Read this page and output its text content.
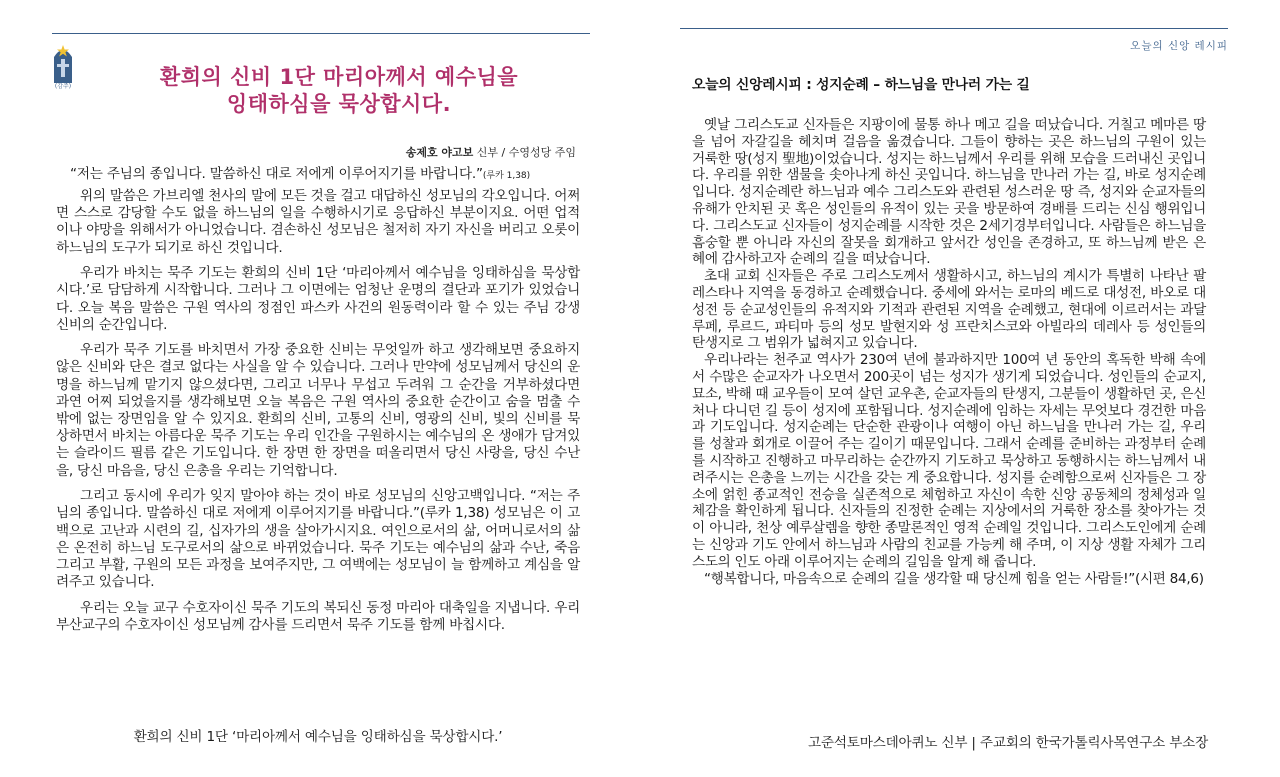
(감주)	환희의 신비 1단 마리아께서 예수님을
잉태하심을 묵상합시다.
송제호 야고보 신부 / 수영성당 주임
“저는 주님의 종입니다. 말씀하신 대로 저에게 이루어지기를 바랍니다.”(루카 1,38)

위의 말씀은 가브리엘 천사의 말에 모든 것을 걸고 대답하신 성모님의 각오입니다. 어쩌면 스스로 감당할 수도 없을 하느님의 일을 수행하시기로 응답하신 부분이지요. 어떤 업적이나 야망을 위해서가 아니었습니다. 겸손하신 성모님은 철저히 자기 자신을 버리고 오롯이 하느님의 도구가 되기로 하신 것입니다.

우리가 바치는 묵주 기도는 환희의 신비 1단 ‘마리아께서 예수님을 잉태하심을 묵상합시다.’로 담담하게 시작합니다. 그러나 그 이면에는 엄청난 운명의 결단과 포기가 있었습니다. 오늘 복음 말씀은 구원 역사의 정점인 파스카 사건의 원동력이라 할 수 있는 주님 강생 신비의 순간입니다.

우리가 묵주 기도를 바치면서 가장 중요한 신비는 무엇일까 하고 생각해보면 중요하지 않은 신비와 단은 결코 없다는 사실을 알 수 있습니다. 그러나 만약에 성모님께서 당신의 운명을 하느님께 맡기지 않으셨다면, 그리고 너무나 무섭고 두려워 그 순간을 거부하셨다면 과연 어찌 되었을지를 생각해보면 오늘 복음은 구원 역사의 중요한 순간이고 숨을 멈출 수밖에 없는 장면임을 알 수 있지요. 환희의 신비, 고통의 신비, 영광의 신비, 빛의 신비를 묵상하면서 바치는 아름다운 묵주 기도는 우리 인간을 구원하시는 예수님의 온 생애가 담겨있는 슬라이드 필름 같은 기도입니다. 한 장면 한 장면을 떠올리면서 당신 사랑을, 당신 수난을, 당신 마음을, 당신 은총을 우리는 기억합니다.

그리고 동시에 우리가 잊지 말아야 하는 것이 바로 성모님의 신앙고백입니다. “저는 주님의 종입니다. 말씀하신 대로 저에게 이루어지기를 바랍니다.”(루카 1,38) 성모님은 이 고백으로 고난과 시련의 길, 십자가의 생을 살아가시지요. 여인으로서의 삶, 어머니로서의 삶은 온전히 하느님 도구로서의 삶으로 바뀌었습니다. 묵주 기도는 예수님의 삶과 수난, 죽음 그리고 부활, 구원의 모든 과정을 보여주지만, 그 여백에는 성모님이 늘 함께하고 계심을 알려주고 있습니다.

우리는 오늘 교구 수호자이신 묵주 기도의 복되신 동정 마리아 대축일을 지냅니다. 우리 부산교구의 수호자이신 성모님께 감사를 드리면서 묵주 기도를 함께 바칩시다.

환희의 신비 1단 ‘마리아께서 예수님을 잉태하심을 묵상합시다.’
오늘의 신앙 레시피
오늘의 신앙레시피 : 성지순례 – 하느님을 만나러 가는 길

옛날 그리스도교 신자들은 지팡이에 물통 하나 메고 길을 떠났습니다. 거칠고 메마른 땅을 넘어 자갈길을 헤치며 걸음을 옮겼습니다. 그들이 향하는 곳은 하느님의 구원이 있는 거룩한 땅(성지 聖地)이었습니다. 성지는 하느님께서 우리를 위해 모습을 드러내신 곳입니다. 우리를 위한 샘물을 솟아나게 하신 곳입니다. 하느님을 만나러 가는 길, 바로 성지순례입니다. 성지순례란 하느님과 예수 그리스도와 관련된 성스러운 땅 즉, 성지와 순교자들의 유해가 안치된 곳 혹은 성인들의 유적이 있는 곳을 방문하여 경배를 드리는 신심 행위입니다. 그리스도교 신자들이 성지순례를 시작한 것은 2세기경부터입니다. 사람들은 하느님을 흠숭할 뿐 아니라 자신의 잘못을 회개하고 앞서간 성인을 존경하고, 또 하느님께 받은 은혜에 감사하고자 순례의 길을 떠났습니다.

초대 교회 신자들은 주로 그리스도께서 생활하시고, 하느님의 계시가 특별히 나타난 팔레스타나 지역을 동경하고 순례했습니다. 중세에 와서는 로마의 베드로 대성전, 바오로 대성전 등 순교성인들의 유적지와 기적과 관련된 지역을 순례했고, 현대에 이르러서는 과달루페, 루르드, 파티마 등의 성모 발현지와 성 프란치스코와 아빌라의 데레사 등 성인들의 탄생지로 그 범위가 넓혀지고 있습니다.

우리나라는 천주교 역사가 230여 년에 불과하지만 100여 년 동안의 혹독한 박해 속에서 수많은 순교자가 나오면서 200곳이 넘는 성지가 생기게 되었습니다. 성인들의 순교지, 묘소, 박해 때 교우들이 모여 살던 교우촌, 순교자들의 탄생지, 그분들이 생활하던 곳, 은신처나 다니던 길 등이 성지에 포함됩니다. 성지순례에 임하는 자세는 무엇보다 경건한 마음과 기도입니다. 성지순례는 단순한 관광이나 여행이 아닌 하느님을 만나러 가는 길, 우리를 성찰과 회개로 이끌어 주는 길이기 때문입니다. 그래서 순례를 준비하는 과정부터 순례를 시작하고 진행하고 마무리하는 순간까지 기도하고 묵상하고 동행하시는 하느님께서 내려주시는 은총을 느끼는 시간을 갖는 게 중요합니다. 성지를 순례함으로써 신자들은 그 장소에 얽힌 종교적인 전승을 실존적으로 체험하고 자신이 속한 신앙 공동체의 정체성과 일체감을 확인하게 됩니다. 신자들의 진정한 순례는 지상에서의 거룩한 장소를 찾아가는 것이 아니라, 천상 예루살렘을 향한 종말론적인 영적 순례일 것입니다. 그리스도인에게 순례는 신앙과 기도 안에서 하느님과 사람의 친교를 가능케 해 주며, 이 지상 생활 자체가 그리스도의 인도 아래 이루어지는 순례의 길임을 알게 해 줍니다.

“행복합니다, 마음속으로 순례의 길을 생각할 때 당신께 힘을 얻는 사람들!”(시편 84,6)

고준석토마스데아퀴노 신부 | 주교회의 한국가톨릭사목연구소 부소장
